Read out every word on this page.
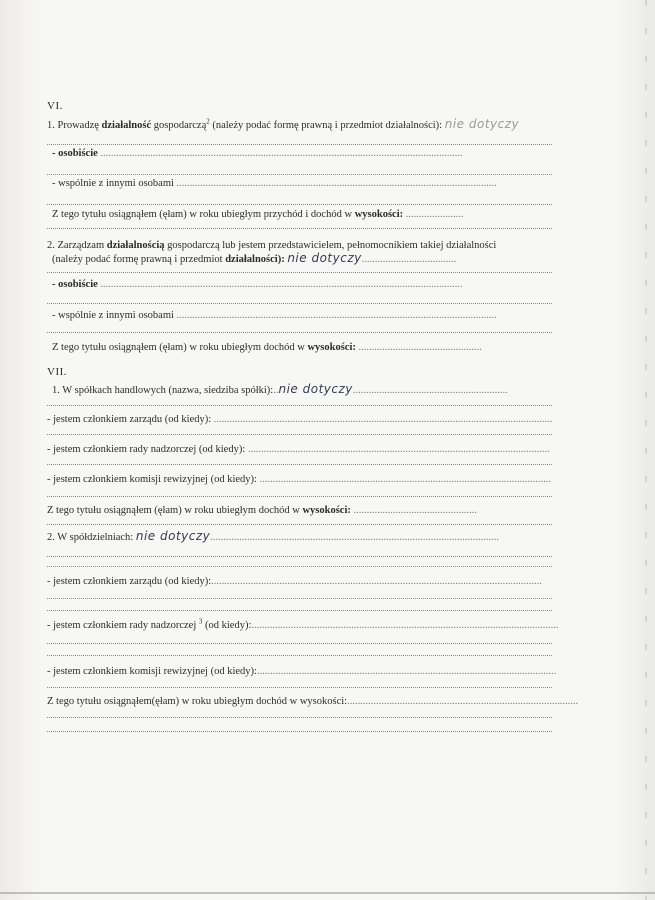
VI.
1. Prowadzę działalność gospodarczą$^2$ (należy podać formę prawną i przedmiot działalności): nie dotyczy
- osobiście ..........................................................................................................................................
- wspólnie z innymi osobami ..........................................................................................................................
Z tego tytułu osiągnąłem (ęłam) w roku ubiegłym przychód i dochód w wysokości: ......................
2. Zarządzam działalnością gospodarczą lub jestem przedstawicielem, pełnomocnikiem takiej działalności
(należy podać formę prawną i przedmiot działalności): nie dotyczy....................................
- osobiście ..........................................................................................................................................
- wspólnie z innymi osobami ..........................................................................................................................
Z tego tytułu osiągnąłem (ęłam) w roku ubiegłym dochód w wysokości: ...............................................
VII.
1. W spółkach handlowych (nazwa, siedziba spółki):..nie dotyczy...........................................................
- jestem członkiem zarządu (od kiedy): .................................................................................................................................
- jestem członkiem rady nadzorczej (od kiedy): ...................................................................................................................
- jestem członkiem komisji rewizyjnej (od kiedy): ...............................................................................................................
Z tego tytułu osiągnąłem (ęłam) w roku ubiegłym dochód w wysokości: ...............................................
2. W spółdzielniach: nie dotyczy..............................................................................................................
- jestem członkiem zarządu (od kiedy):..............................................................................................................................
- jestem członkiem rady nadzorczej $^3$ (od kiedy):.....................................................................................................................
- jestem członkiem komisji rewizyjnej (od kiedy):..................................................................................................................
Z tego tytułu osiągnąłem(ęłam) w roku ubiegłym dochód w wysokości:........................................................................................
